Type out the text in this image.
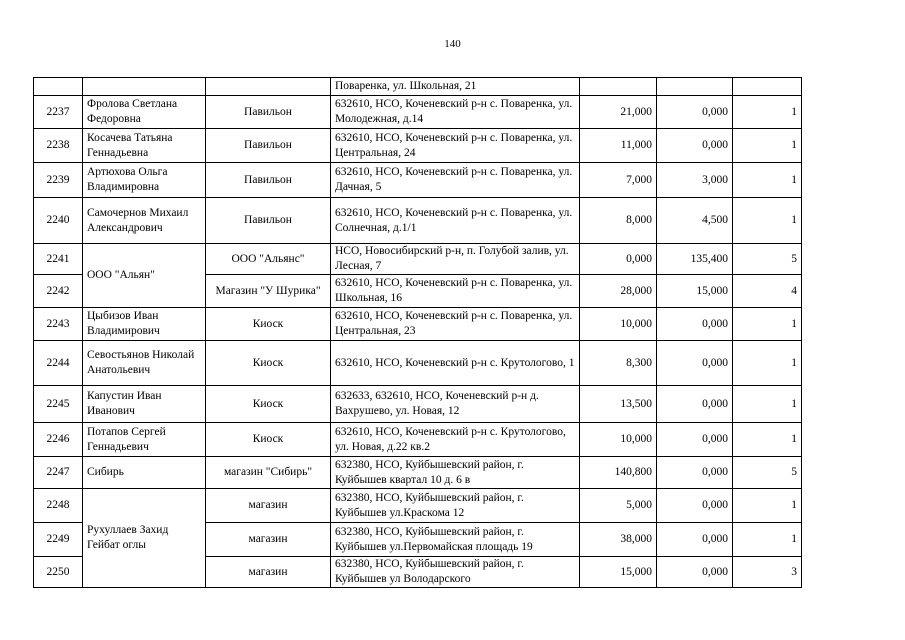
140
			Поваренка, ул. Школьная, 21			
2237	Фролова Светлана Федоровна	Павильон	632610, НСО, Коченевский р-н с. Поваренка, ул. Молодежная, д.14	21,000	0,000	1
2238	Косачева Татьяна Геннадьевна	Павильон	632610, НСО, Коченевский р-н с. Поваренка, ул. Центральная, 24	11,000	0,000	1
2239	Артюхова Ольга Владимировна	Павильон	632610, НСО, Коченевский р-н с. Поваренка, ул. Дачная, 5	7,000	3,000	1
2240	Самочернов Михаил Александрович	Павильон	632610, НСО, Коченевский р-н с. Поваренка, ул. Солнечная, д.1/1	8,000	4,500	1
2241	ООО "Альян"	ООО "Альянс"	НСО, Новосибирский р-н, п. Голубой залив, ул. Лесная, 7	0,000	135,400	5
2242		Магазин "У Шурика"	632610, НСО, Коченевский р-н с. Поваренка, ул. Школьная, 16	28,000	15,000	4
2243	Цыбизов Иван Владимирович	Киоск	632610, НСО, Коченевский р-н с. Поваренка, ул. Центральная, 23	10,000	0,000	1
2244	Севостьянов Николай Анатольевич	Киоск	632610, НСО, Коченевский р-н с. Крутологово, 1	8,300	0,000	1
2245	Капустин Иван Иванович	Киоск	632633, 632610, НСО, Коченевский р-н д. Вахрушево, ул. Новая, 12	13,500	0,000	1
2246	Потапов Сергей Геннадьевич	Киоск	632610, НСО, Коченевский р-н с. Крутологово, ул. Новая, д.22 кв.2	10,000	0,000	1
2247	Сибирь	магазин "Сибирь"	632380, НСО, Куйбышевский район, г. Куйбышев квартал 10 д. 6 в	140,800	0,000	5
2248	Рухуллаев Захид Гейбат оглы	магазин	632380, НСО, Куйбышевский район, г. Куйбышев ул.Краскома 12	5,000	0,000	1
2249		магазин	632380, НСО, Куйбышевский район, г. Куйбышев ул.Первомайская площадь 19	38,000	0,000	1
2250		магазин	632380, НСО, Куйбышевский район, г. Куйбышев ул Володарского	15,000	0,000	3
